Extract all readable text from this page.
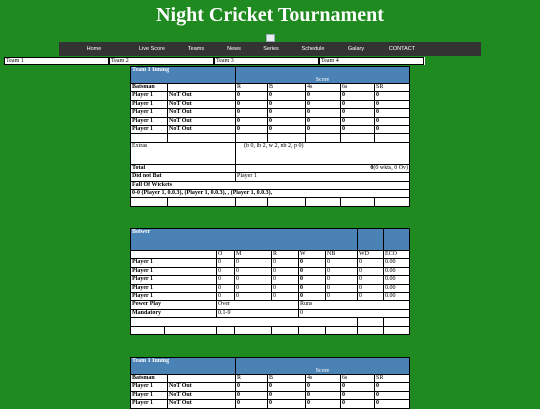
Night Cricket Tournament
Home	Live Score	Teams	News	Series	Schedule	Galary	CONTACT
Team 1	Team 2	Team 3	Team 4
Team 1 Inning		Score				
Batsman		R	B	4s	6s	SR
Player 1	NoT Out	0	0	0	0	0
Player 1	NoT Out	0	0	0	0	0
Player 1	NoT Out	0	0	0	0	0
Player 1	NoT Out	0	0	0	0	0
Player 1	NoT Out	0	0	0	0	0

Extras		(b 0, lb 2, w 2, nb 2, p 0)				
Total		0(0 wkts, 0 Ov)				
Did not Bat		Player 1				
Fall Of Wickets						
0-0 (Player 1, 0.0.3), (Player 1, 0.0.3), , (Player 1, 0.0.3),						

Bolwer								
		O	M	R	W	NB	WD	ECO
Player 1		0	0	0	0	0	0	0.00
Player 1		0	0	0	0	0	0	0.00
Player 1		0	0	0	0	0	0	0.00
Player 1		0	0	0	0	0	0	0.00
Player 1		0	0	0	0	0	0	0.00
Power Play		Over			Runs			
Mandatory		0.1-9			0			

Team 1 Inning		Score				
Batsman		R	B	4s	6s	SR
Player 1	NoT Out	0	0	0	0	0
Player 1	NoT Out	0	0	0	0	0
Player 1	NoT Out	0	0	0	0	0
